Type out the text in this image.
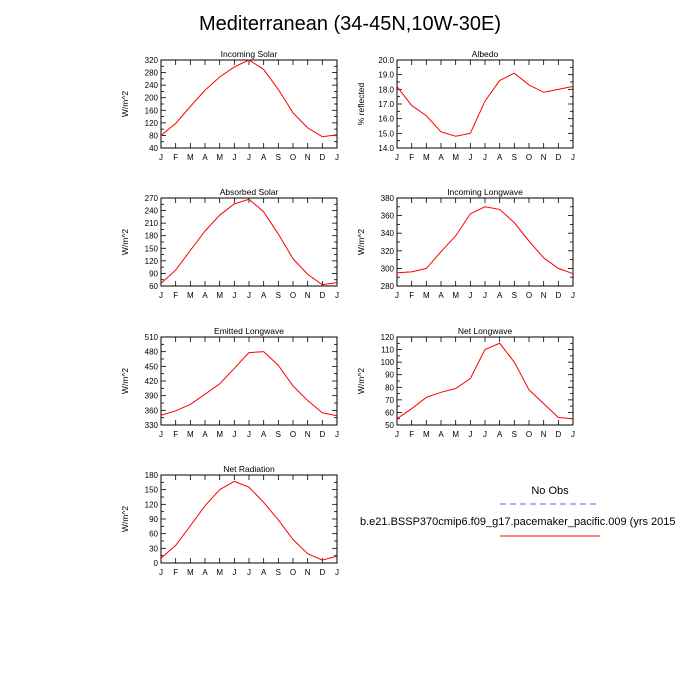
Mediterranean (34-45N,10W-30E)
Incoming Solar
40
80
120
160
200
240
280
320
J F M A M J J A S O N D J
W/m^2
Albedo
14.0
15.0
16.0
17.0
18.0
19.0
20.0
J F M A M J J A S O N D J
% reflected
Absorbed Solar
60
90
120
150
180
210
240
270
J F M A M J J A S O N D J
W/m^2
Incoming Longwave
280
300
320
340
360
380
J F M A M J J A S O N D J
W/m^2
Emitted Longwave
330
360
390
420
450
480
510
J F M A M J J A S O N D J
W/m^2
Net Longwave
50
60
70
80
90
100
110
120
J F M A M J J A S O N D J
W/m^2
Net Radiation
0
30
60
90
120
150
180
J F M A M J J A S O N D J
W/m^2
No Obs
b.e21.BSSP370cmip6.f09_g17.pacemaker_pacific.009 (yrs 2015
